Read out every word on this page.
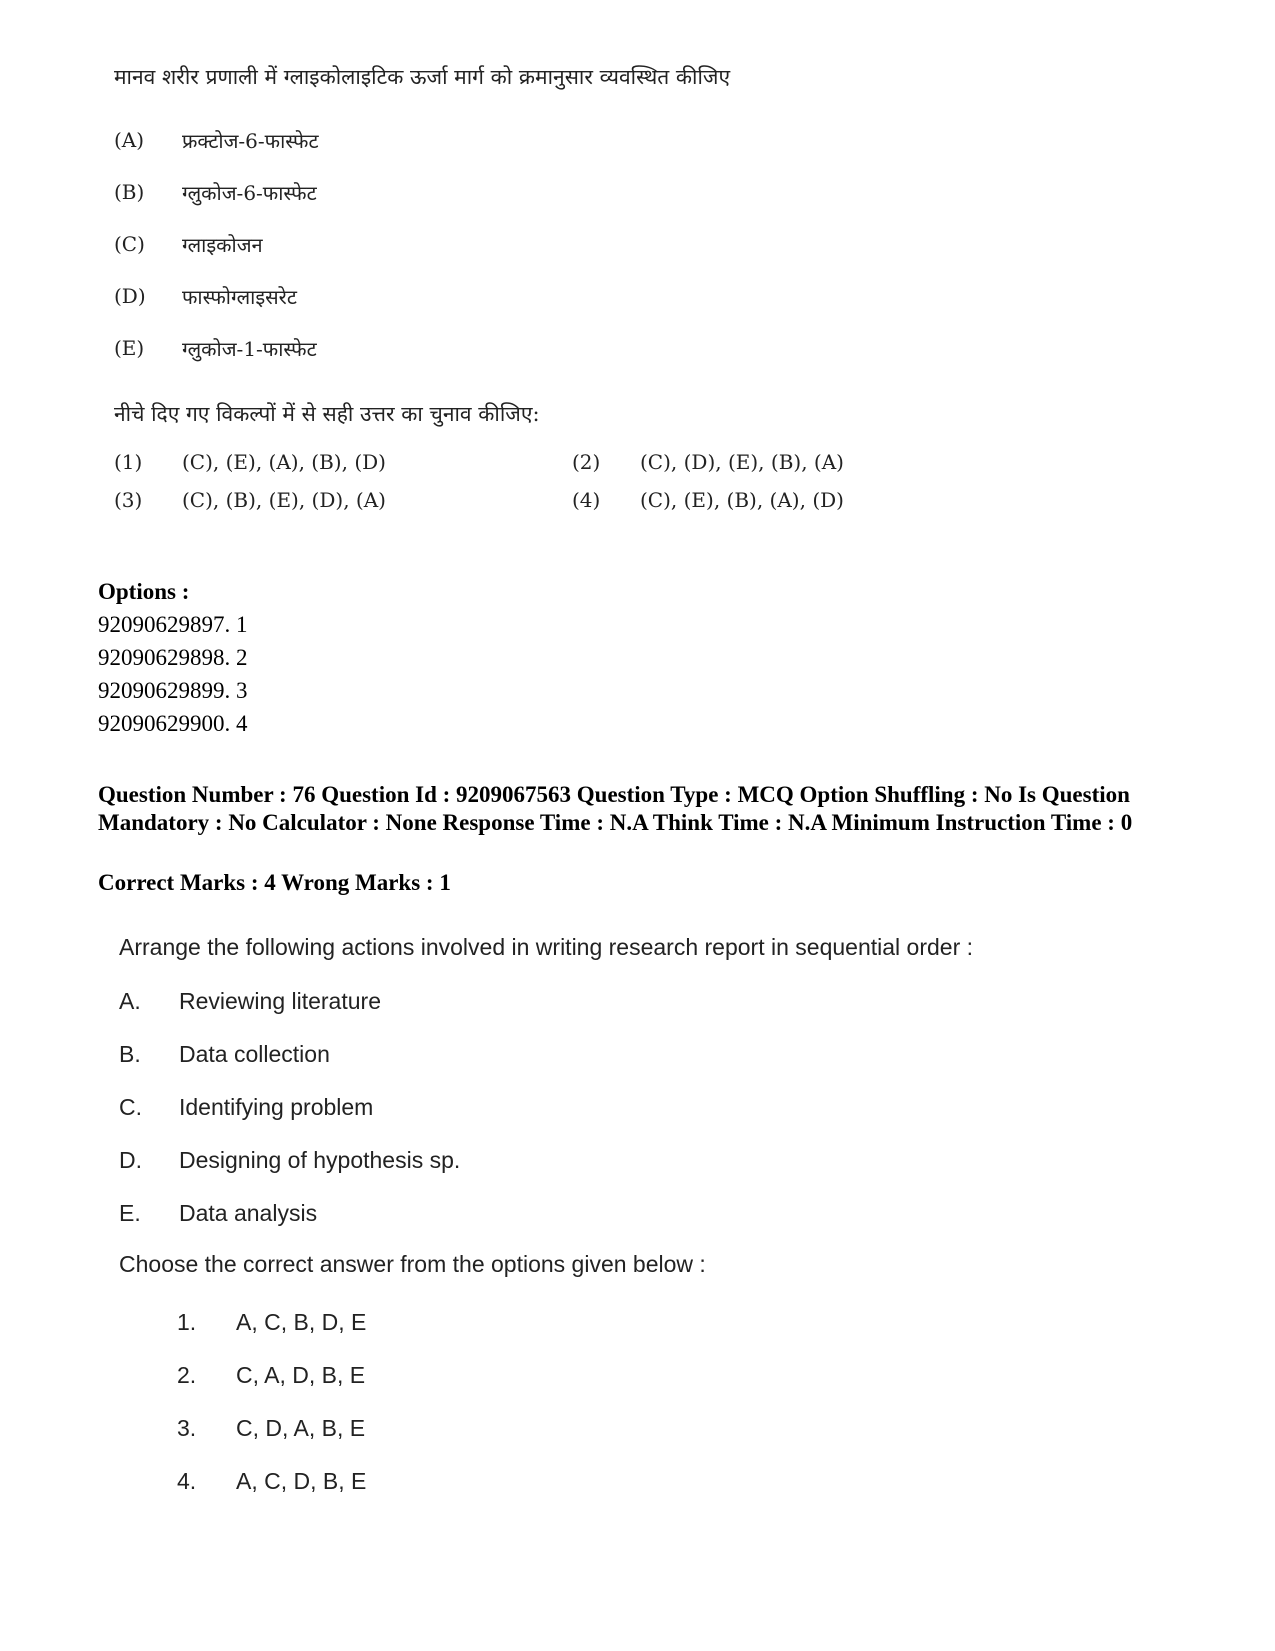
मानव शरीर प्रणाली में ग्लाइकोलाइटिक ऊर्जा मार्ग को क्रमानुसार व्यवस्थित कीजिए

(A)	फ्रक्टोज-6-फास्फेट
(B)	ग्लुकोज-6-फास्फेट
(C)	ग्लाइकोजन
(D)	फास्फोग्लाइसरेट
(E)	ग्लुकोज-1-फास्फेट
नीचे दिए गए विकल्पों में से सही उत्तर का चुनाव कीजिए:
(1)	(C), (E), (A), (B), (D)	(2)	(C), (D), (E), (B), (A)
(3)	(C), (B), (E), (D), (A)	(4)	(C), (E), (B), (A), (D)
Options :
92090629897. 1
92090629898. 2
92090629899. 3
92090629900. 4
Question Number : 76 Question Id : 9209067563 Question Type : MCQ Option Shuffling : No Is Question Mandatory : No Calculator : None Response Time : N.A Think Time : N.A Minimum Instruction Time : 0
Correct Marks : 4 Wrong Marks : 1

Arrange the following actions involved in writing research report in sequential order :

A.	Reviewing literature
B.	Data collection
C.	Identifying problem
D.	Designing of hypothesis sp.
E.	Data analysis
Choose the correct answer from the options given below :
1.	A, C, B, D, E
2.	C, A, D, B, E
3.	C, D, A, B, E
4.	A, C, D, B, E
